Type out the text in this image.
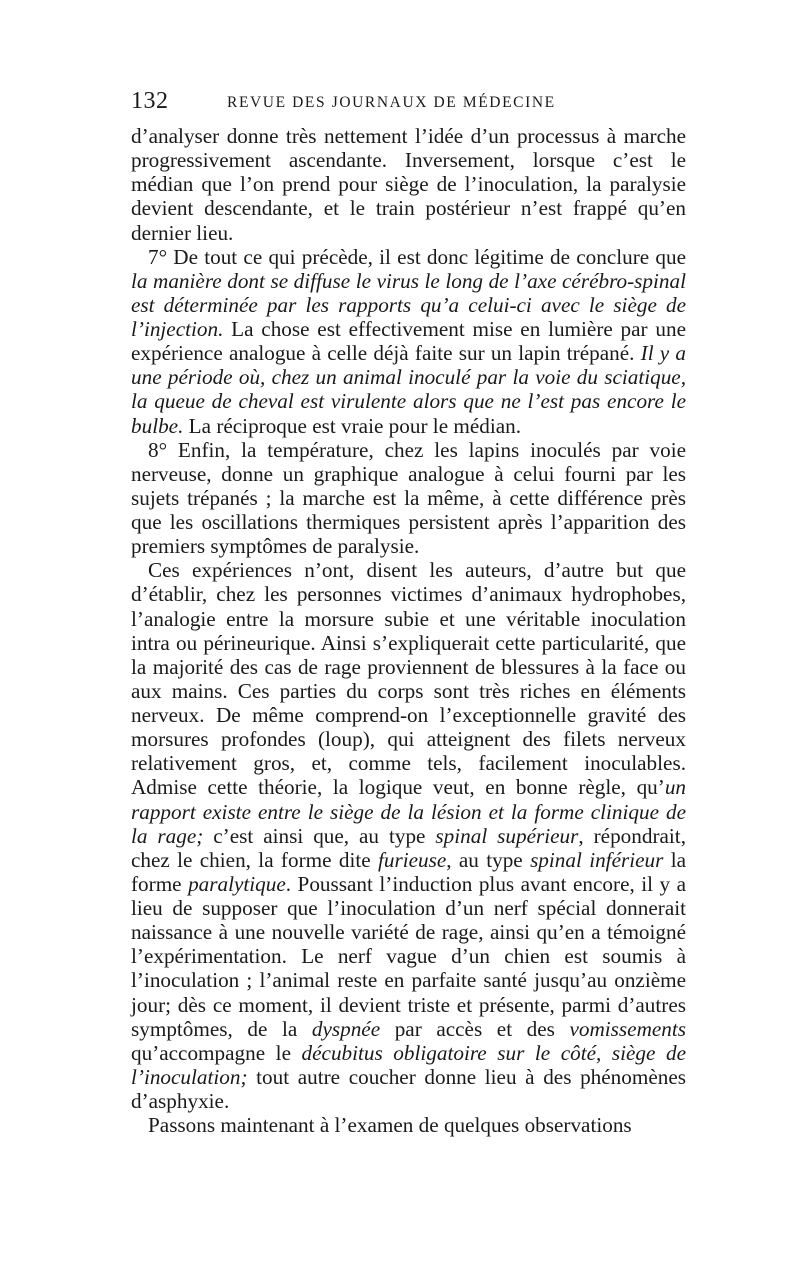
132	REVUE DES JOURNAUX DE MÉDECINE

d’analyser donne très nettement l’idée d’un processus à marche progressivement ascendante. Inversement, lorsque c’est le médian que l’on prend pour siège de l’inoculation, la paralysie devient descendante, et le train postérieur n’est frappé qu’en dernier lieu.

7° De tout ce qui précède, il est donc légitime de conclure que la manière dont se diffuse le virus le long de l’axe cérébro-spinal est déterminée par les rapports qu’a celui-ci avec le siège de l’injection. La chose est effectivement mise en lumière par une expérience analogue à celle déjà faite sur un lapin trépané. Il y a une période où, chez un animal inoculé par la voie du sciatique, la queue de cheval est virulente alors que ne l’est pas encore le bulbe. La réciproque est vraie pour le médian.

8° Enfin, la température, chez les lapins inoculés par voie nerveuse, donne un graphique analogue à celui fourni par les sujets trépanés ; la marche est la même, à cette différence près que les oscillations thermiques persistent après l’apparition des premiers symptômes de paralysie.

Ces expériences n’ont, disent les auteurs, d’autre but que d’établir, chez les personnes victimes d’animaux hydrophobes, l’analogie entre la morsure subie et une véritable inoculation intra ou périneurique. Ainsi s’expliquerait cette particularité, que la majorité des cas de rage proviennent de blessures à la face ou aux mains. Ces parties du corps sont très riches en éléments nerveux. De même comprend-on l’exceptionnelle gravité des morsures profondes (loup), qui atteignent des filets nerveux relativement gros, et, comme tels, facilement inoculables. Admise cette théorie, la logique veut, en bonne règle, qu’un rapport existe entre le siège de la lésion et la forme clinique de la rage; c’est ainsi que, au type spinal supérieur, répondrait, chez le chien, la forme dite furieuse, au type spinal inférieur la forme paralytique. Poussant l’induction plus avant encore, il y a lieu de supposer que l’inoculation d’un nerf spécial donnerait naissance à une nouvelle variété de rage, ainsi qu’en a témoigné l’expérimentation. Le nerf vague d’un chien est soumis à l’inoculation ; l’animal reste en parfaite santé jusqu’au onzième jour; dès ce moment, il devient triste et présente, parmi d’autres symptômes, de la dyspnée par accès et des vomissements qu’accompagne le décubitus obligatoire sur le côté, siège de l’inoculation; tout autre coucher donne lieu à des phénomènes d’asphyxie.

Passons maintenant à l’examen de quelques observations
